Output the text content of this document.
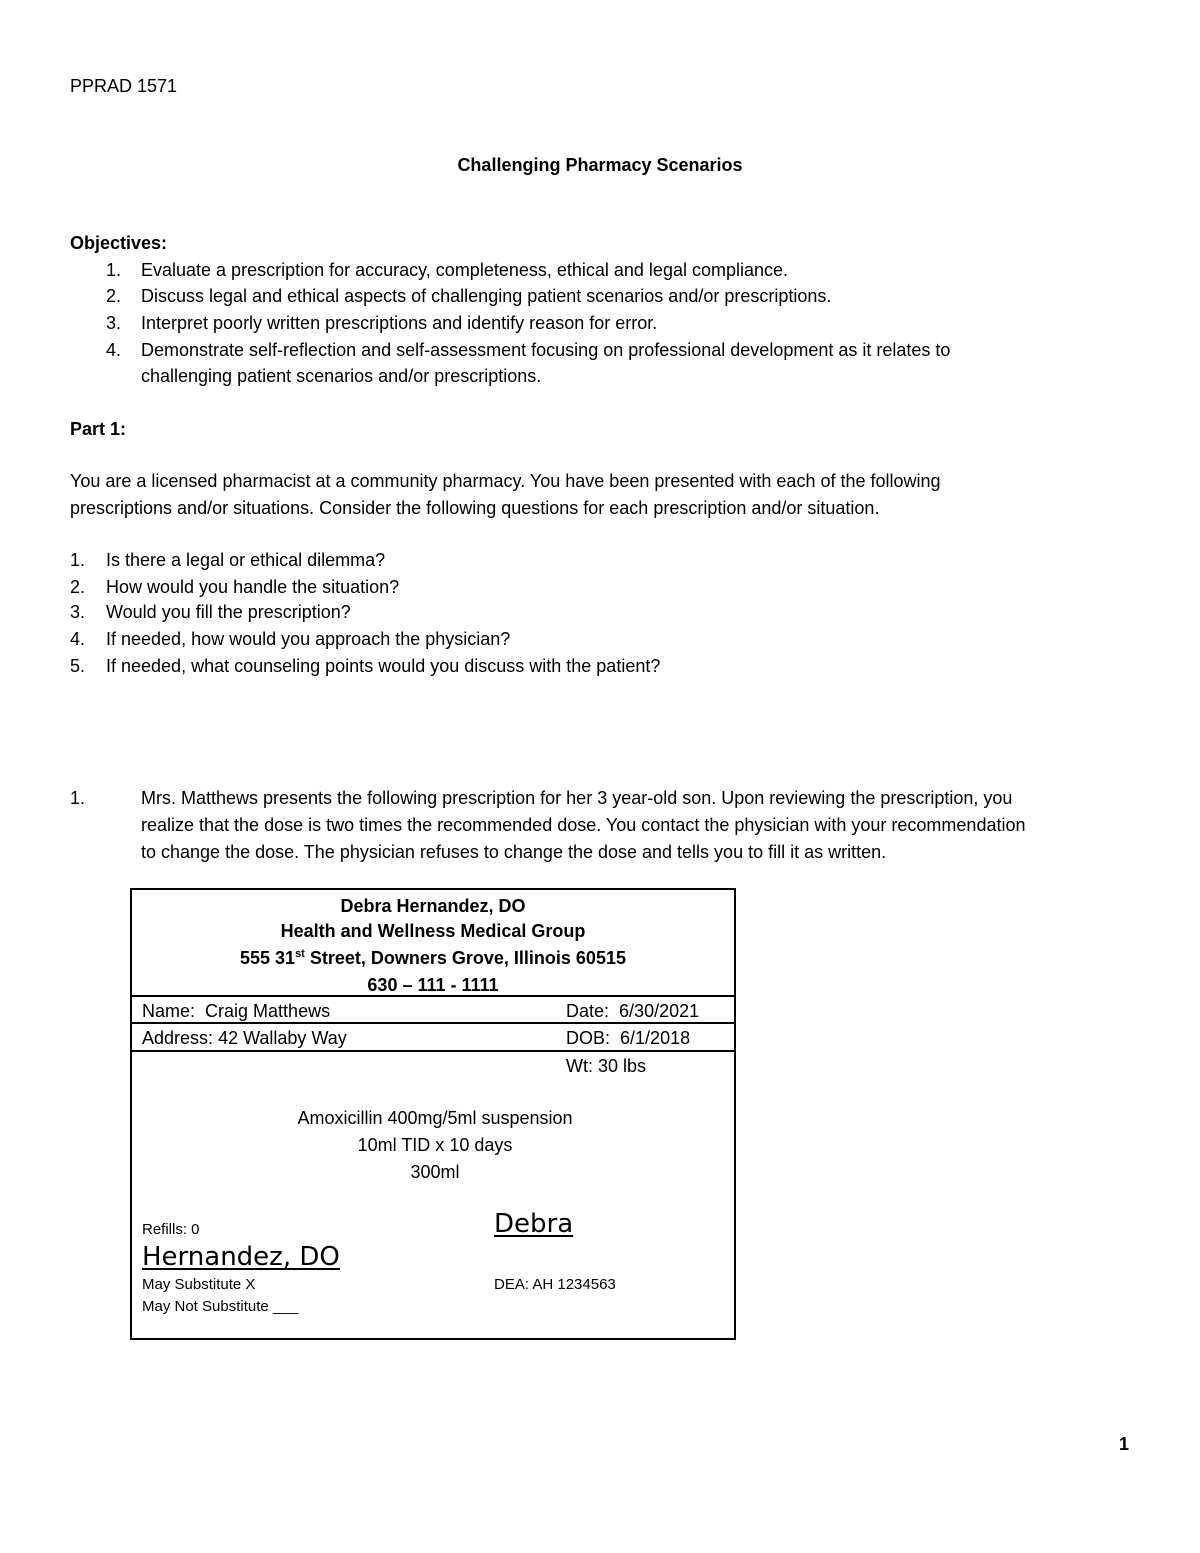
PPRAD 1571
Challenging Pharmacy Scenarios
Objectives:
1. Evaluate a prescription for accuracy, completeness, ethical and legal compliance.
2. Discuss legal and ethical aspects of challenging patient scenarios and/or prescriptions.
3. Interpret poorly written prescriptions and identify reason for error.
4. Demonstrate self-reflection and self-assessment focusing on professional development as it relates to
challenging patient scenarios and/or prescriptions.
Part 1:
You are a licensed pharmacist at a community pharmacy. You have been presented with each of the following
prescriptions and/or situations. Consider the following questions for each prescription and/or situation.
1. Is there a legal or ethical dilemma?
2. How would you handle the situation?
3. Would you fill the prescription?
4. If needed, how would you approach the physician?
5. If needed, what counseling points would you discuss with the patient?
1.	Mrs. Matthews presents the following prescription for her 3 year-old son. Upon reviewing the prescription, you
realize that the dose is two times the recommended dose. You contact the physician with your recommendation
to change the dose. The physician refuses to change the dose and tells you to fill it as written.
Debra Hernandez, DO
Health and Wellness Medical Group
555 31st Street, Downers Grove, Illinois 60515
630 – 111 - 1111
Name: Craig Matthews	Date: 6/30/2021
Address: 42 Wallaby Way	DOB: 6/1/2018
Wt: 30 lbs
Amoxicillin 400mg/5ml suspension
10ml TID x 10 days
300ml
Refills: 0	Debra
Hernandez, DO
May Substitute X	DEA: AH 1234563
May Not Substitute ___
1
